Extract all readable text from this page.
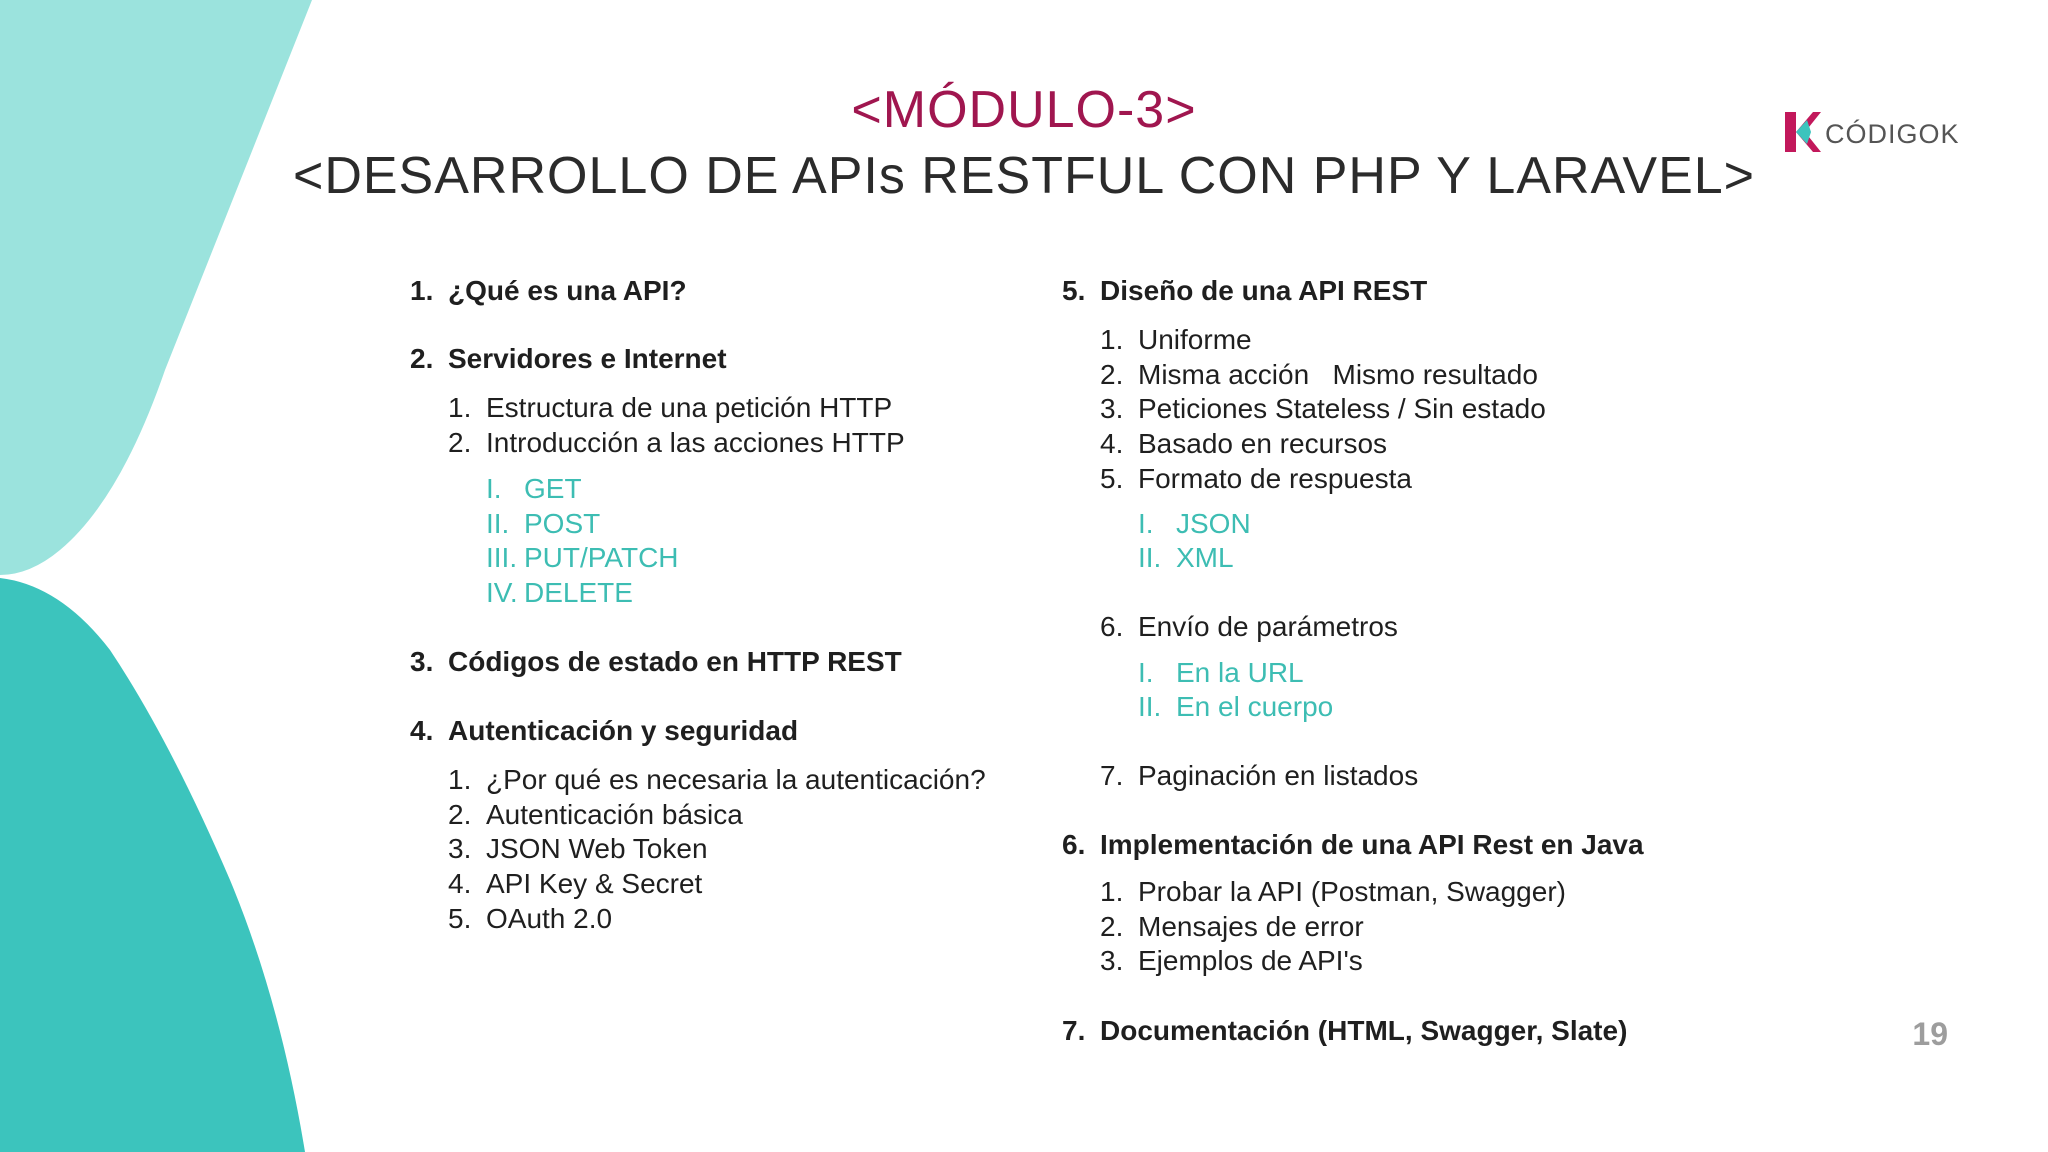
<MÓDULO-3>
<DESARROLLO DE APIs RESTFUL CON PHP Y LARAVEL>
CÓDIGOK
1. ¿Qué es una API?
2. Servidores e Internet
1. Estructura de una petición HTTP
2. Introducción a las acciones HTTP
I. GET
II. POST
III. PUT/PATCH
IV. DELETE
3. Códigos de estado en HTTP REST
4. Autenticación y seguridad
1. ¿Por qué es necesaria la autenticación?
2. Autenticación básica
3. JSON Web Token
4. API Key & Secret
5. OAuth 2.0
5. Diseño de una API REST
1. Uniforme
2. Misma acción   Mismo resultado
3. Peticiones Stateless / Sin estado
4. Basado en recursos
5. Formato de respuesta
I. JSON
II. XML
6. Envío de parámetros
I. En la URL
II. En el cuerpo
7. Paginación en listados
6. Implementación de una API Rest en Java
1. Probar la API (Postman, Swagger)
2. Mensajes de error
3. Ejemplos de API's
7. Documentación (HTML, Swagger, Slate)	19
